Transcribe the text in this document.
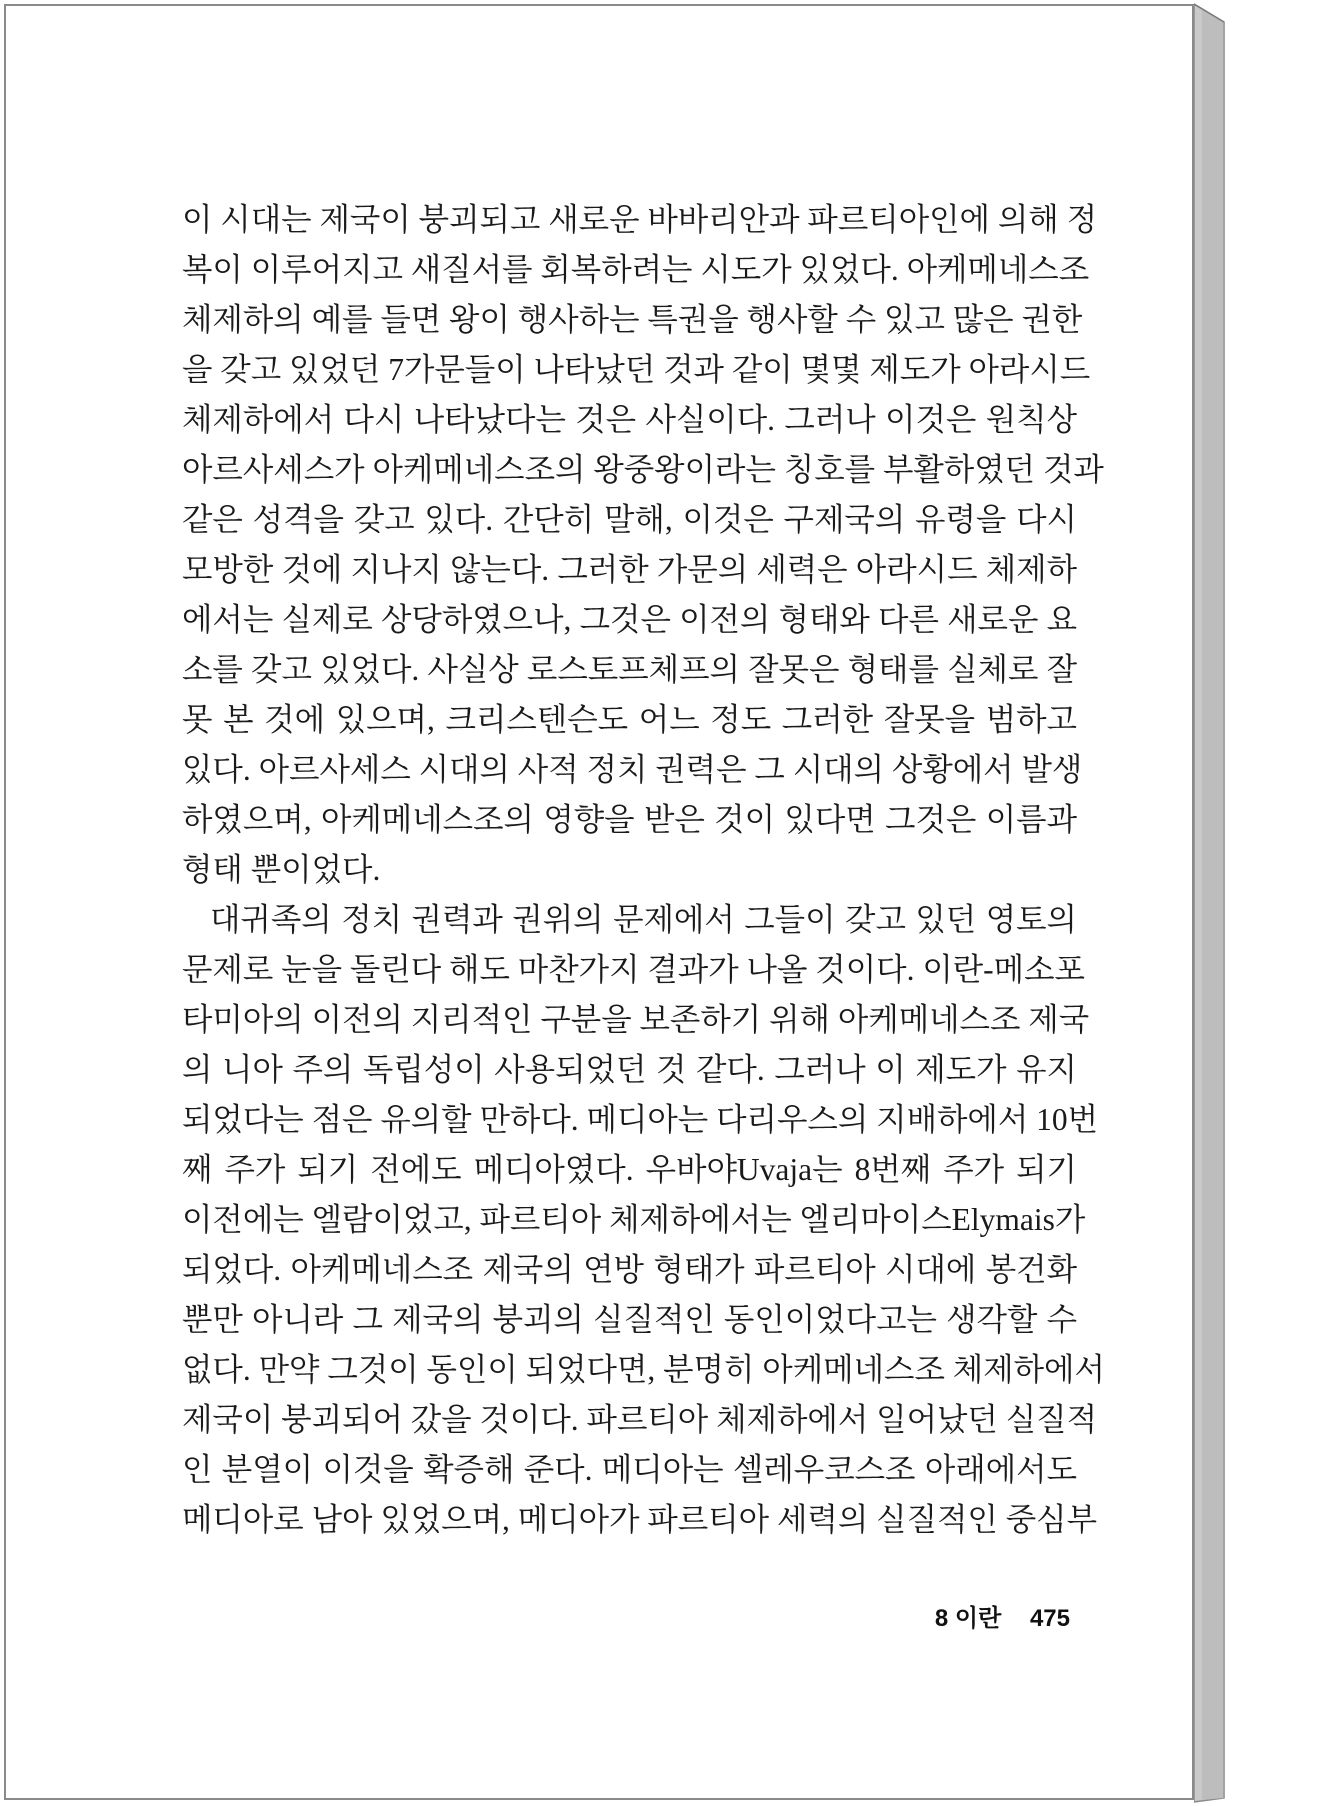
이 시대는 제국이 붕괴되고 새로운 바바리안과 파르티아인에 의해 정
복이 이루어지고 새질서를 회복하려는 시도가 있었다. 아케메네스조
체제하의 예를 들면 왕이 행사하는 특권을 행사할 수 있고 많은 권한
을 갖고 있었던 7가문들이 나타났던 것과 같이 몇몇 제도가 아라시드
체제하에서 다시 나타났다는 것은 사실이다. 그러나 이것은 원칙상
아르사세스가 아케메네스조의 왕중왕이라는 칭호를 부활하였던 것과
같은 성격을 갖고 있다. 간단히 말해, 이것은 구제국의 유령을 다시
모방한 것에 지나지 않는다. 그러한 가문의 세력은 아라시드 체제하
에서는 실제로 상당하였으나, 그것은 이전의 형태와 다른 새로운 요
소를 갖고 있었다. 사실상 로스토프체프의 잘못은 형태를 실체로 잘
못 본 것에 있으며, 크리스텐슨도 어느 정도 그러한 잘못을 범하고
있다. 아르사세스 시대의 사적 정치 권력은 그 시대의 상황에서 발생
하였으며, 아케메네스조의 영향을 받은 것이 있다면 그것은 이름과
형태 뿐이었다.
대귀족의 정치 권력과 권위의 문제에서 그들이 갖고 있던 영토의
문제로 눈을 돌린다 해도 마찬가지 결과가 나올 것이다. 이란-메소포
타미아의 이전의 지리적인 구분을 보존하기 위해 아케메네스조 제국
의 니아 주의 독립성이 사용되었던 것 같다. 그러나 이 제도가 유지
되었다는 점은 유의할 만하다. 메디아는 다리우스의 지배하에서 10번
째 주가 되기 전에도 메디아였다. 우바야Uvaja는 8번째 주가 되기
이전에는 엘람이었고, 파르티아 체제하에서는 엘리마이스Elymais가
되었다. 아케메네스조 제국의 연방 형태가 파르티아 시대에 봉건화
뿐만 아니라 그 제국의 붕괴의 실질적인 동인이었다고는 생각할 수
없다. 만약 그것이 동인이 되었다면, 분명히 아케메네스조 체제하에서
제국이 붕괴되어 갔을 것이다. 파르티아 체제하에서 일어났던 실질적
인 분열이 이것을 확증해 준다. 메디아는 셀레우코스조 아래에서도
메디아로 남아 있었으며, 메디아가 파르티아 세력의 실질적인 중심부
8 이란 475
